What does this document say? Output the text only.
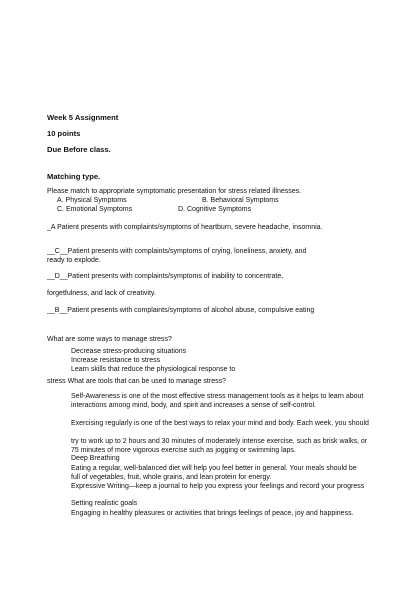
Week 5 Assignment
10 points
Due Before class.
Matching type.
Please match to appropriate symptomatic presentation for stress related illnesses.
A. Physical Symptoms	B. Behavioral Symptoms
C. Emotional Symptoms	D. Cognitive Symptoms
_A Patient presents with complaints/symptoms of heartburn, severe headache, insomnia.
__C__Patient presents with complaints/symptoms of crying, loneliness, anxiety, and
ready to explode.
__D__Patient presents with complaints/symptoms of inability to concentrate,
forgetfulness, and lack of creativity.
__B__Patient presents with complaints/symptoms of alcohol abuse, compulsive eating
What are some ways to manage stress?
Decrease stress-producing situations
Increase resistance to stress
Learn skills that reduce the physiological response to
stress What are tools that can be used to manage stress?
Self-Awareness is one of the most effective stress management tools as it helps to learn about interactions among mind, body, and spirit and increases a sense of self-control.
Exercising regularly is one of the best ways to relax your mind and body. Each week, you should
try to work up to 2 hours and 30 minutes of moderately intense exercise, such as brisk walks, or 75 minutes of more vigorous exercise such as jogging or swimming laps.
Deep Breathing
Eating a regular, well-balanced diet will help you feel better in general. Your meals should be full of vegetables, fruit, whole grains, and lean protein for energy.
Expressive Writing—keep a journal to help you express your feelings and record your progress
Setting realistic goals
Engaging in healthy pleasures or activities that brings feelings of peace, joy and happiness.
